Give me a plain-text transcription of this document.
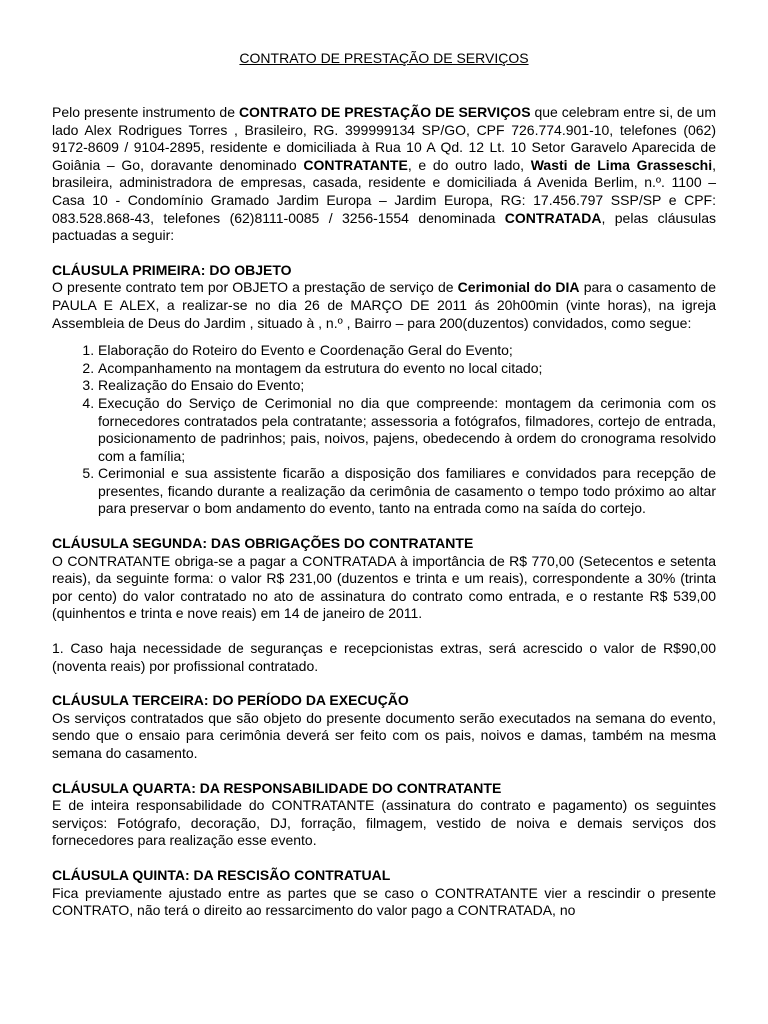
CONTRATO DE PRESTAÇÃO DE SERVIÇOS

Pelo presente instrumento de CONTRATO DE PRESTAÇÃO DE SERVIÇOS que celebram entre si, de um lado Alex Rodrigues Torres , Brasileiro, RG. 399999134 SP/GO, CPF 726.774.901-10, telefones (062) 9172-8609 / 9104-2895, residente e domiciliada à Rua 10 A Qd. 12 Lt. 10 Setor Garavelo Aparecida de Goiânia – Go, doravante denominado CONTRATANTE, e do outro lado, Wasti de Lima Grasseschi, brasileira, administradora de empresas, casada, residente e domiciliada á Avenida Berlim, n.º. 1100 – Casa 10 - Condomínio Gramado Jardim Europa – Jardim Europa, RG: 17.456.797 SSP/SP e CPF: 083.528.868-43, telefones (62)8111-0085 / 3256-1554 denominada CONTRATADA, pelas cláusulas pactuadas a seguir:

CLÁUSULA PRIMEIRA: DO OBJETO

O presente contrato tem por OBJETO a prestação de serviço de Cerimonial do DIA para o casamento de PAULA E ALEX, a realizar-se no dia 26 de MARÇO DE 2011 ás 20h00min (vinte horas), na igreja Assembleia de Deus do Jardim , situado à , n.º , Bairro – para 200(duzentos) convidados, como segue:

1. Elaboração do Roteiro do Evento e Coordenação Geral do Evento;
2. Acompanhamento na montagem da estrutura do evento no local citado;
3. Realização do Ensaio do Evento;
4. Execução do Serviço de Cerimonial no dia que compreende: montagem da cerimonia com os fornecedores contratados pela contratante; assessoria a fotógrafos, filmadores, cortejo de entrada, posicionamento de padrinhos; pais, noivos, pajens, obedecendo à ordem do cronograma resolvido com a família;
5. Cerimonial e sua assistente ficarão a disposição dos familiares e convidados para recepção de presentes, ficando durante a realização da cerimônia de casamento o tempo todo próximo ao altar para preservar o bom andamento do evento, tanto na entrada como na saída do cortejo.

CLÁUSULA SEGUNDA: DAS OBRIGAÇÕES DO CONTRATANTE

O CONTRATANTE obriga-se a pagar a CONTRATADA à importância de R$ 770,00 (Setecentos e setenta reais), da seguinte forma: o valor R$ 231,00 (duzentos e trinta e um reais), correspondente a 30% (trinta por cento) do valor contratado no ato de assinatura do contrato como entrada, e o restante R$ 539,00 (quinhentos e trinta e nove reais) em 14 de janeiro de 2011.

1. Caso haja necessidade de seguranças e recepcionistas extras, será acrescido o valor de R$90,00 (noventa reais) por profissional contratado.

CLÁUSULA TERCEIRA: DO PERÍODO DA EXECUÇÃO

Os serviços contratados que são objeto do presente documento serão executados na semana do evento, sendo que o ensaio para cerimônia deverá ser feito com os pais, noivos e damas, também na mesma semana do casamento.

CLÁUSULA QUARTA: DA RESPONSABILIDADE DO CONTRATANTE

E de inteira responsabilidade do CONTRATANTE (assinatura do contrato e pagamento) os seguintes serviços: Fotógrafo, decoração, DJ, forração, filmagem, vestido de noiva e demais serviços dos fornecedores para realização esse evento.

CLÁUSULA QUINTA: DA RESCISÃO CONTRATUAL

Fica previamente ajustado entre as partes que se caso o CONTRATANTE vier a rescindir o presente CONTRATO, não terá o direito ao ressarcimento do valor pago a CONTRATADA, no
